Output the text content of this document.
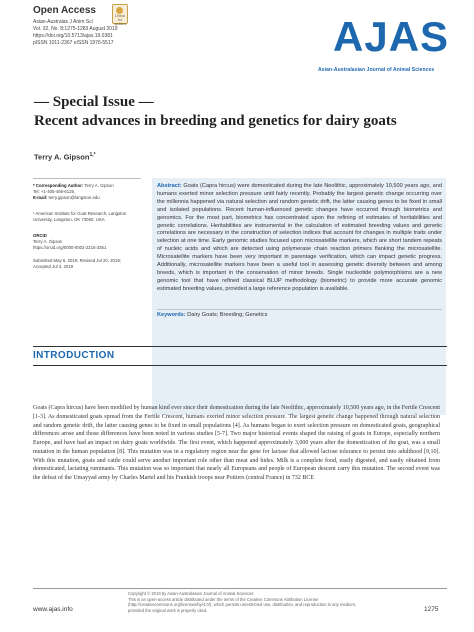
Open Access
Asian-Australas J Anim Sci
Vol. 32, No. 8:1275-1283 August 2019
https://doi.org/10.5713/ajas.19.0381
pISSN 1011-2367 eISSN 1976-5517
Check for updates	AJAS
Asian-Australasian Journal of Animal Sciences
— Special Issue —
Recent advances in breeding and genetics for dairy goats
Terry A. Gipson$^{1,*}$
* Corresponding Author: Terry A. Gipson
Tel: +1-405-466-6126,
E-mail: terry.gipson@langston.edu
¹ American Institute for Goat Research, Langston University, Langston, OK 73050, USA
ORCID
Terry A. Gipson
https://orcid.org/0000-0002-2215-3351
Submitted May 6, 2019; Revised Jul 20, 2019; Accepted Jul 3, 2019
Abstract: Goats (Capra hircus) were domesticated during the late Neolithic, approximately 10,500 years ago, and humans exerted minor selection pressure until fairly recently. Probably the largest genetic change occurring over the millennia happened via natural selection and random genetic drift, the latter causing genes to be fixed in small and isolated populations. Recent human-influenced genetic changes have occurred through biometrics and genomics. For the most part, biometrics has concentrated upon the refining of estimates of heritabilities and genetic correlations. Heritabilities are instrumental in the calculation of estimated breeding values and genetic correlations are necessary in the construction of selection indices that account for changes in multiple traits under selection at one time. Early genomic studies focused upon microsatellite markers, which are short tandem repeats of nucleic acids and which are detected using polymerase chain reaction primers flanking the microsatellite. Microsatellite markers have been very important in parentage verification, which can impact genetic progress. Additionally, microsatellite markers have been a useful tool in assessing genetic diversity between and among breeds, which is important in the conservation of minor breeds. Single nucleotide polymorphisms are a new genomic tool that have refined classical BLUP methodology (biometric) to provide more accurate genomic estimated breeding values, provided a large reference population is available.
Keywords: Dairy Goats; Breeding; Genetics
INTRODUCTION
Goats (Capra hircus) have been modified by human kind ever since their domestication during the late Neolithic, approximately 10,500 years ago, in the Fertile Crescent [1-3]. As domesticated goats spread from the Fertile Crescent, humans exerted minor selection pressure. The largest genetic change happened through natural selection and random genetic drift, the latter causing genes to be fixed in small populations [4]. As humans began to exert selection pressure on domesticated goats, geographical differences arose and those differences have been noted in various studies [5-7]. Two major historical events shaped the raising of goats in Europe, especially northern Europe, and have had an impact on dairy goats worldwide. The first event, which happened approximately 3,000 years after the domestication of the goat, was a small mutation in the human population [8]. This mutation was in a regulatory region near the gene for lactase that allowed lactose tolerance to persist into adulthood [9,10]. With this mutation, goats and cattle could serve another important role other than meat and hides. Milk is a complete food, easily digested, and easily obtained from domesticated, lactating ruminants. This mutation was so important that nearly all Europeans and people of European descent carry this mutation. The second event was the defeat of the Umayyad army by Charles Martel and his Frankish troops near Poitiers (central France) in 732 BCE
Copyright © 2019 by Asian-Australasian Journal of Animal Sciences
This is an open-access article distributed under the terms of the Creative Commons Attribution License (http://creativecommons.org/licenses/by/4.0/), which permits unrestricted use, distribution, and reproduction in any medium, provided the original work is properly cited.
www.ajas.info	1275
